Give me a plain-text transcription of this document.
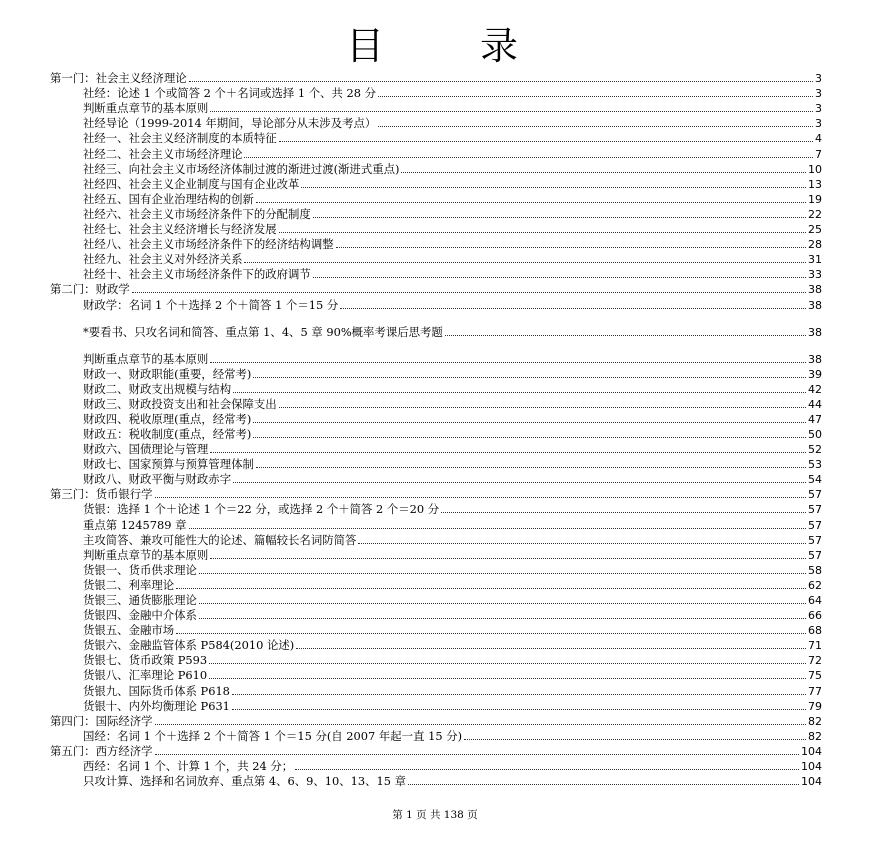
目 录
第一门：社会主义经济理论	3
社经：论述 1 个或简答 2 个＋名词或选择 1 个、共 28 分	3
判断重点章节的基本原则	3
社经导论（1999-2014 年期间，导论部分从未涉及考点）	3
社经一、社会主义经济制度的本质特征	4
社经二、社会主义市场经济理论	7
社经三、向社会主义市场经济体制过渡的渐进过渡(渐进式重点)	10
社经四、社会主义企业制度与国有企业改革	13
社经五、国有企业治理结构的创新	19
社经六、社会主义市场经济条件下的分配制度	22
社经七、社会主义经济增长与经济发展	25
社经八、社会主义市场经济条件下的经济结构调整	28
社经九、社会主义对外经济关系	31
社经十、社会主义市场经济条件下的政府调节	33
第二门：财政学	38
财政学：名词 1 个＋选择 2 个＋简答 1 个＝15 分	38
*要看书、只攻名词和简答、重点第 1、4、5 章 90%概率考课后思考题	38
判断重点章节的基本原则	38
财政一、财政职能(重要，经常考)	39
财政二、财政支出规模与结构	42
财政三、财政投资支出和社会保障支出	44
财政四、税收原理(重点，经常考)	47
财政五：税收制度(重点，经常考)	50
财政六、国债理论与管理	52
财政七、国家预算与预算管理体制	53
财政八、财政平衡与财政赤字	54
第三门：货币银行学	57
货银：选择 1 个＋论述 1 个＝22 分，或选择 2 个＋简答 2 个＝20 分	57
重点第 1245789 章	57
主攻简答、兼攻可能性大的论述、篇幅较长名词防简答	57
判断重点章节的基本原则	57
货银一、货币供求理论	58
货银二、利率理论	62
货银三、通货膨胀理论	64
货银四、金融中介体系	66
货银五、金融市场	68
货银六、金融监管体系 P584(2010 论述)	71
货银七、货币政策 P593	72
货银八、汇率理论 P610	75
货银九、国际货币体系 P618	77
货银十、内外均衡理论 P631	79
第四门：国际经济学	82
国经：名词 1 个＋选择 2 个＋简答 1 个＝15 分(自 2007 年起一直 15 分)	82
第五门：西方经济学	104
西经：名词 1 个、计算 1 个，共 24 分；	104
只攻计算、选择和名词放弃、重点第 4、6、9、10、13、15 章	104
第 1 页 共 138 页
